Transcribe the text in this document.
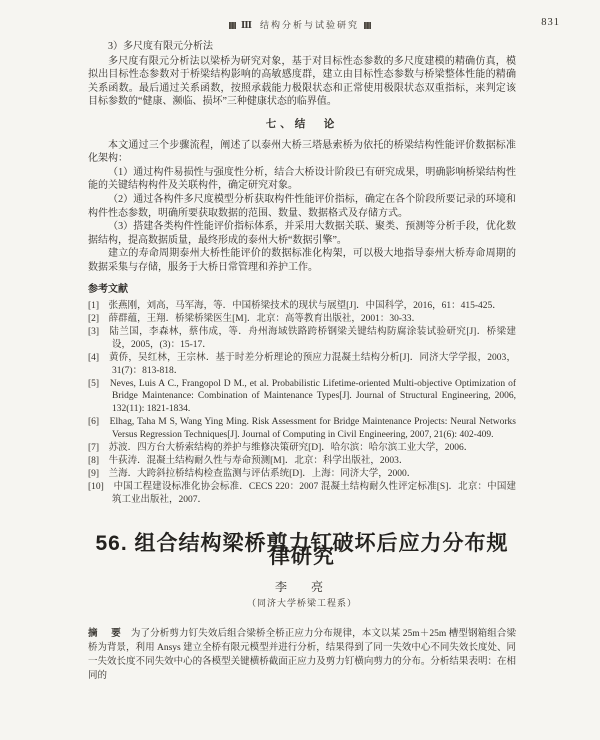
Ⅲ 结构分析与试验研究	831

3）多尺度有限元分析法

多尺度有限元分析法以梁桥为研究对象，基于对目标性态参数的多尺度建模的精确仿真，模拟出目标性态参数对于桥梁结构影响的高敏感度群，建立由目标性态参数与桥梁整体性能的精确关系函数。最后通过关系函数，按照承载能力极限状态和正常使用极限状态双重指标，来判定该目标参数的“健康、濒临、损坏”三种健康状态的临界值。

七、结　论

本文通过三个步骤流程，阐述了以泰州大桥三塔悬索桥为依托的桥梁结构性能评价数据标准化架构：

（1）通过构件易损性与强度性分析，结合大桥设计阶段已有研究成果，明确影响桥梁结构性能的关键结构构件及关联构件，确定研究对象。

（2）通过各构件多尺度模型分析获取构件性能评价指标，确定在各个阶段所要记录的环境和构件性态参数，明确所要获取数据的范围、数量、数据格式及存储方式。

（3）搭建各类构件性能评价指标体系，并采用大数据关联、聚类、预测等分析手段，优化数据结构，提高数据质量，最终形成的泰州大桥“数据引擎”。

建立的寿命周期泰州大桥性能评价的数据标准化构架，可以极大地指导泰州大桥寿命周期的数据采集与存储，服务于大桥日常管理和养护工作。

参考文献

[1]　张燕刚，刘高，马军海，等．中国桥梁技术的现状与展望[J]．中国科学，2016，61：415-425．
[2]　薛群蕴，王翔．桥梁桥梁医生[M]．北京：高等教育出版社，2001：30-33．
[3]　陆兰国，李森林，蔡伟成，等．舟州海域铁路跨桥钢梁关键结构防腐涂装试验研究[J]．桥梁建设，2005，(3)：15-17．
[4]　黄侨，吴红林，王宗林．基于时差分析理论的预应力混凝土结构分析[J]．同济大学学报，2003，31(7)：813-818．
[5]　Neves, Luis A C., Frangopol D M., et al. Probabilistic Lifetime-oriented Multi-objective Optimization of Bridge Maintenance: Combination of Maintenance Types[J]. Journal of Structural Engineering, 2006, 132(11): 1821-1834.
[6]　Elhag, Taha M S, Wang Ying Ming. Risk Assessment for Bridge Maintenance Projects: Neural Networks Versus Regression Techniques[J]. Journal of Computing in Civil Engineering, 2007, 21(6): 402-409.
[7]　苏波．四方台大桥索结构的养护与维修决策研究[D]．哈尔滨：哈尔滨工业大学，2006．
[8]　牛荻涛．混凝土结构耐久性与寿命预测[M]．北京：科学出版社，2003．
[9]　兰海．大跨斜拉桥结构检查监测与评估系统[D]．上海：同济大学，2000．
[10]　中国工程建设标准化协会标准．CECS 220：2007 混凝土结构耐久性评定标准[S]．北京：中国建筑工业出版社，2007．

56. 组合结构梁桥剪力钉破坏后应力分布规律研究

李　亮

（同济大学桥梁工程系）

摘　要 为了分析剪力钉失效后组合梁桥全桥正应力分布规律，本文以某 25m＋25m 槽型钢箱组合梁桥为背景，利用 Ansys 建立全桥有限元模型并进行分析，结果得到了同一失效中心不同失效长度处、同一失效长度不同失效中心的各模型关键横桥截面正应力及剪力钉横向剪力的分布。分析结果表明：在相同的
